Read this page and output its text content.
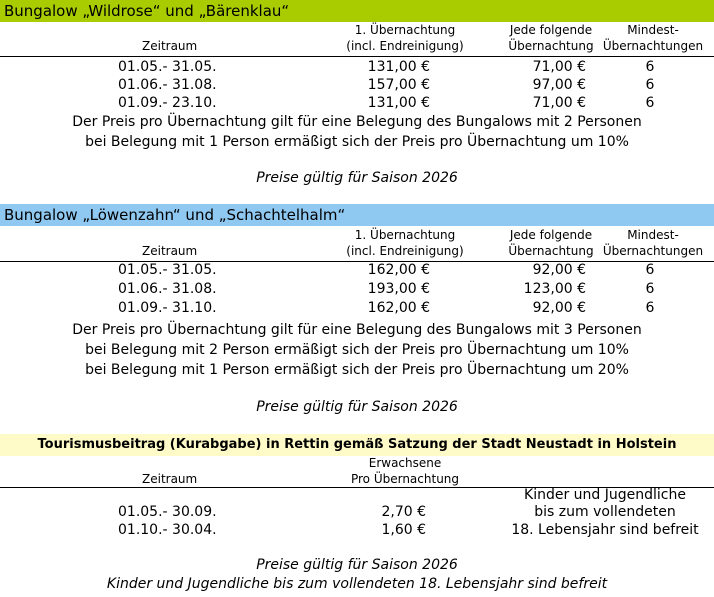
Bungalow „Wildrose“ und „Bärenklau“
Zeitraum
1. Übernachtung
(incl. Endreinigung)
Jede folgende
Übernachtung
Mindest-
Übernachtungen
01.05.- 31.05.	131,00 €	71,00 €	6
01.06.- 31.08.	157,00 €	97,00 €	6
01.09.- 23.10.	131,00 €	71,00 €	6
Der Preis pro Übernachtung gilt für eine Belegung des Bungalows mit 2 Personen
bei Belegung mit 1 Person ermäßigt sich der Preis pro Übernachtung um 10%
Preise gültig für Saison 2026
Bungalow „Löwenzahn“ und „Schachtelhalm“
Zeitraum
1. Übernachtung
(incl. Endreinigung)
Jede folgende
Übernachtung
Mindest-
Übernachtungen
01.05.- 31.05.	162,00 €	92,00 €	6
01.06.- 31.08.	193,00 €	123,00 €	6
01.09.- 31.10.	162,00 €	92,00 €	6
Der Preis pro Übernachtung gilt für eine Belegung des Bungalows mit 3 Personen
bei Belegung mit 2 Person ermäßigt sich der Preis pro Übernachtung um 10%
bei Belegung mit 1 Person ermäßigt sich der Preis pro Übernachtung um 20%
Preise gültig für Saison 2026
Tourismusbeitrag (Kurabgabe) in Rettin gemäß Satzung der Stadt Neustadt in Holstein
Zeitraum
Erwachsene
Pro Übernachtung
01.05.- 30.09.	2,70 €
01.10.- 30.04.	1,60 €
Kinder und Jugendliche
bis zum vollendeten
18. Lebensjahr sind befreit
Preise gültig für Saison 2026
Kinder und Jugendliche bis zum vollendeten 18. Lebensjahr sind befreit
